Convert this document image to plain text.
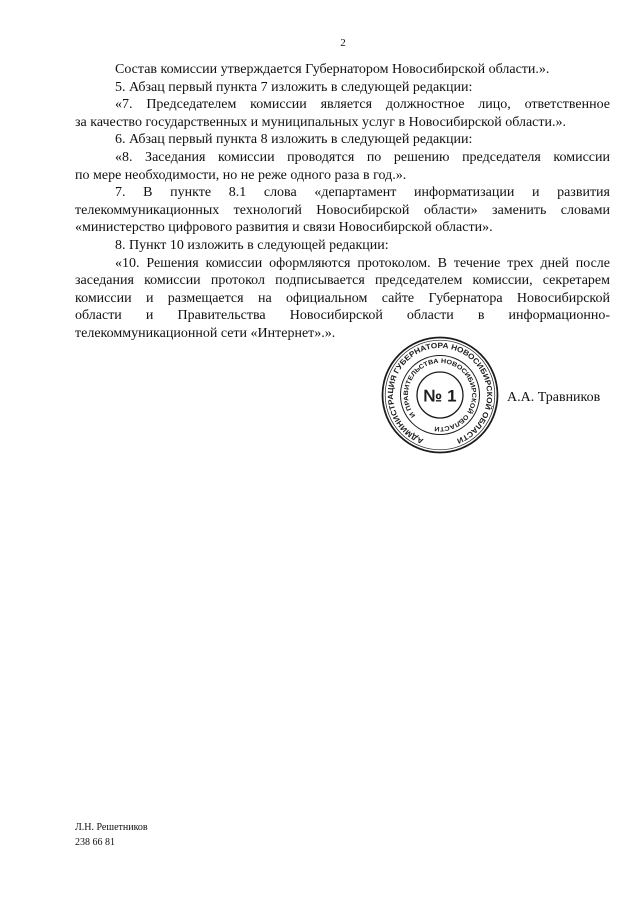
2
Состав комиссии утверждается Губернатором Новосибирской области.».
5. Абзац первый пункта 7 изложить в следующей редакции:
«7. Председателем комиссии является должностное лицо, ответственное
за качество государственных и муниципальных услуг в Новосибирской области.».
6. Абзац первый пункта 8 изложить в следующей редакции:
«8. Заседания комиссии проводятся по решению председателя комиссии
по мере необходимости, но не реже одного раза в год.».
7. В пункте 8.1 слова «департамент информатизации и развития
телекоммуникационных технологий Новосибирской области» заменить словами
«министерство цифрового развития и связи Новосибирской области».
8. Пункт 10 изложить в следующей редакции:
«10. Решения комиссии оформляются протоколом. В течение трех дней после
заседания комиссии протокол подписывается председателем комиссии, секретарем
комиссии и размещается на официальном сайте Губернатора Новосибирской
области и Правительства Новосибирской области в информационно-
телекоммуникационной сети «Интернет».».
АДМИНИСТРАЦИЯ ГУБЕРНАТОРА НОВОСИБИРСКОЙ ОБЛАСТИ
И ПРАВИТЕЛЬСТВА НОВОСИБИРСКОЙ ОБЛАСТИ
№ 1	А.А. Травников
Л.Н. Решетников
238 66 81
